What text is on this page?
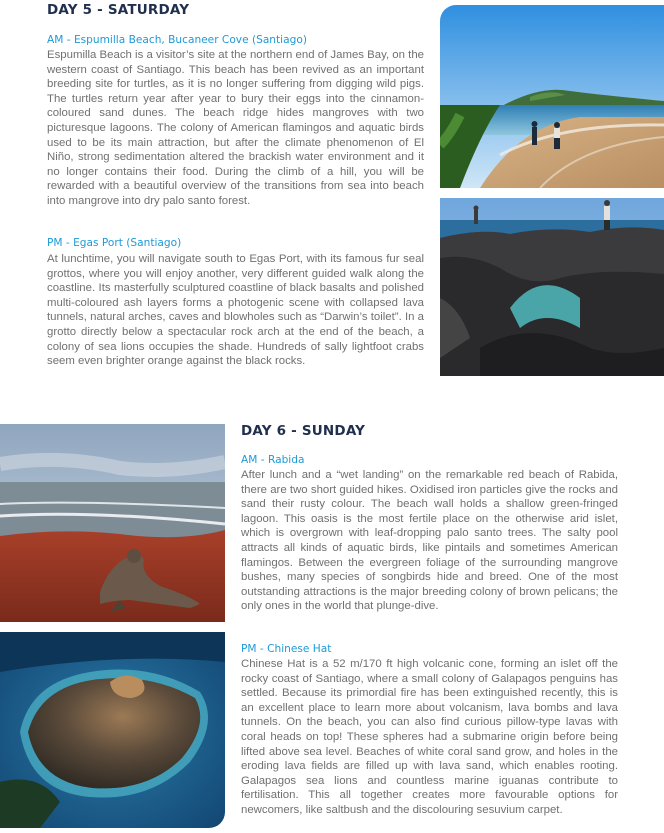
DAY 5 - SATURDAY
AM - Espumilla Beach, Bucaneer Cove (Santiago)

Espumilla Beach is a visitor’s site at the northern end of James Bay, on the western coast of Santiago. This beach has been revived as an important breeding site for turtles, as it is no longer suffering from digging wild pigs. The turtles return year after year to bury their eggs into the cinnamon-coloured sand dunes. The beach ridge hides mangroves with two picturesque lagoons. The colony of American flamingos and aquatic birds used to be its main attraction, but after the climate phenomenon of El Niño, strong sedimentation altered the brackish water environment and it no longer contains their food. During the climb of a hill, you will be rewarded with a beautiful overview of the transitions from sea into beach into mangrove into dry palo santo forest.

PM - Egas Port (Santiago)

At lunchtime, you will navigate south to Egas Port, with its famous fur seal grottos, where you will enjoy another, very different guided walk along the coastline. Its masterfully sculptured coastline of black basalts and polished multi-coloured ash layers forms a photogenic scene with collapsed lava tunnels, natural arches, caves and blowholes such as “Darwin’s toilet”. In a grotto directly below a spectacular rock arch at the end of the beach, a colony of sea lions occupies the shade. Hundreds of sally lightfoot crabs seem even brighter orange against the black rocks.

DAY 6 - SUNDAY
AM - Rabida

After lunch and a “wet landing” on the remarkable red beach of Rabida, there are two short guided hikes. Oxidised iron particles give the rocks and sand their rusty colour. The beach wall holds a shallow green-fringed lagoon. This oasis is the most fertile place on the otherwise arid islet, which is overgrown with leaf-dropping palo santo trees. The salty pool attracts all kinds of aquatic birds, like pintails and sometimes American flamingos. Between the evergreen foliage of the surrounding mangrove bushes, many species of songbirds hide and breed. One of the most outstanding attractions is the major breeding colony of brown pelicans; the only ones in the world that plunge-dive.

PM - Chinese Hat

Chinese Hat is a 52 m/170 ft high volcanic cone, forming an islet off the rocky coast of Santiago, where a small colony of Galapagos penguins has settled. Because its primordial fire has been extinguished recently, this is an excellent place to learn more about volcanism, lava bombs and lava tunnels. On the beach, you can also find curious pillow-type lavas with coral heads on top! These spheres had a submarine origin before being lifted above sea level. Beaches of white coral sand grow, and holes in the eroding lava fields are filled up with lava sand, which enables rooting. Galapagos sea lions and countless marine iguanas contribute to fertilisation. This all together creates more favourable options for newcomers, like saltbush and the discolouring sesuvium carpet.
